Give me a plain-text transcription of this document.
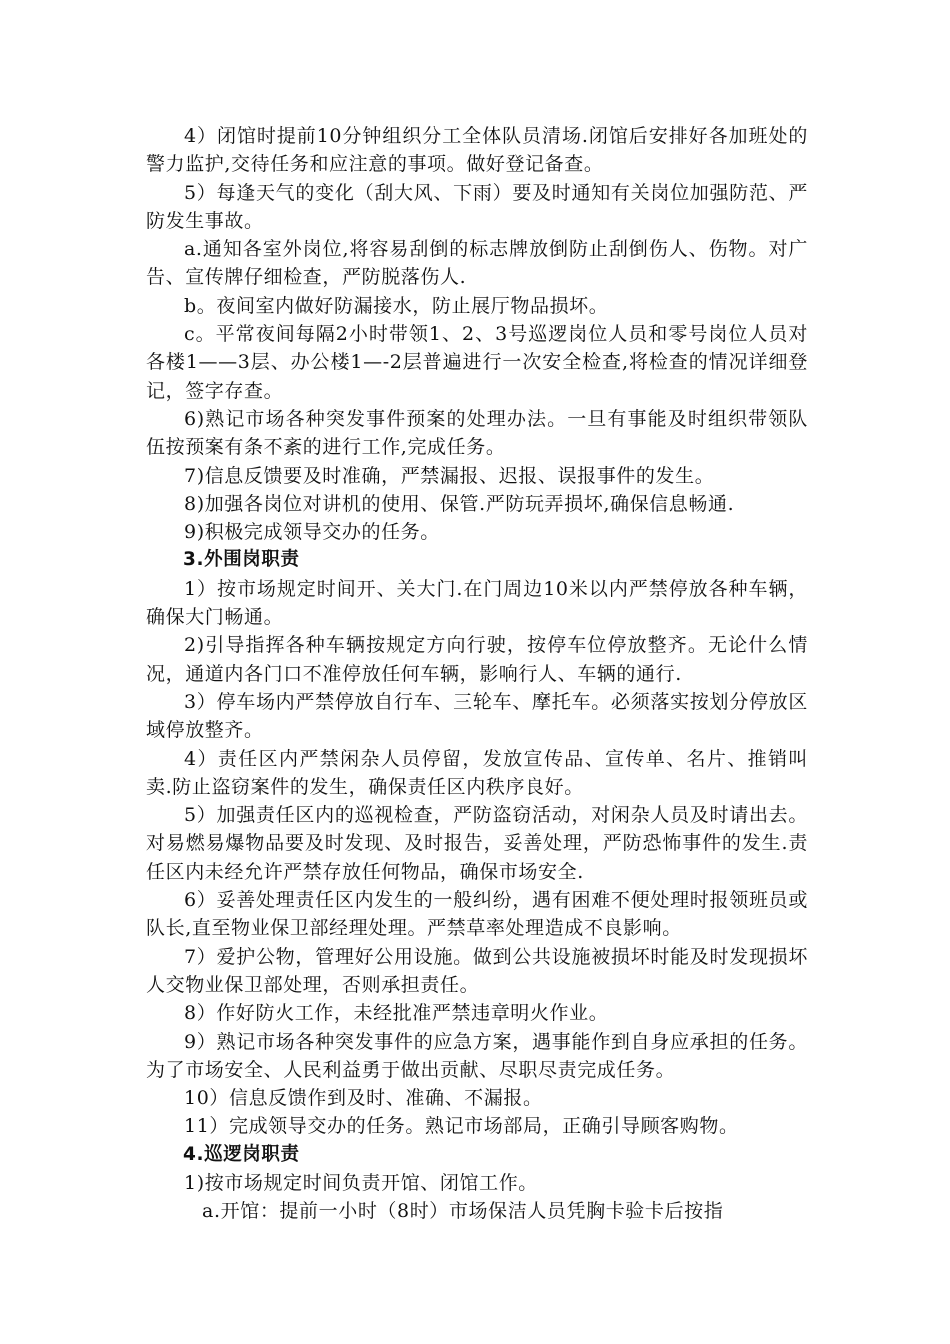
4）闭馆时提前10分钟组织分工全体队员清场.闭馆后安排好各加班处的警力监护,交待任务和应注意的事项。做好登记备查。

5）每逢天气的变化（刮大风、下雨）要及时通知有关岗位加强防范、严防发生事故。

a.通知各室外岗位,将容易刮倒的标志牌放倒防止刮倒伤人、伤物。对广告、宣传牌仔细检查，严防脱落伤人.

b。夜间室内做好防漏接水，防止展厅物品损坏。

c。平常夜间每隔2小时带领1、2、3号巡逻岗位人员和零号岗位人员对各楼1——3层、办公楼1—-2层普遍进行一次安全检查,将检查的情况详细登记，签字存查。

6)熟记市场各种突发事件预案的处理办法。一旦有事能及时组织带领队伍按预案有条不紊的进行工作,完成任务。

7)信息反馈要及时准确，严禁漏报、迟报、误报事件的发生。

8)加强各岗位对讲机的使用、保管.严防玩弄损坏,确保信息畅通.

9)积极完成领导交办的任务。

3.外围岗职责

1）按市场规定时间开、关大门.在门周边10米以内严禁停放各种车辆，确保大门畅通。

2)引导指挥各种车辆按规定方向行驶，按停车位停放整齐。无论什么情况，通道内各门口不准停放任何车辆，影响行人、车辆的通行.

3）停车场内严禁停放自行车、三轮车、摩托车。必须落实按划分停放区域停放整齐。

4）责任区内严禁闲杂人员停留，发放宣传品、宣传单、名片、推销叫卖.防止盗窃案件的发生，确保责任区内秩序良好。

5）加强责任区内的巡视检查，严防盗窃活动，对闲杂人员及时请出去。对易燃易爆物品要及时发现、及时报告，妥善处理，严防恐怖事件的发生.责任区内未经允许严禁存放任何物品，确保市场安全.

6）妥善处理责任区内发生的一般纠纷，遇有困难不便处理时报领班员或队长,直至物业保卫部经理处理。严禁草率处理造成不良影响。

7）爱护公物，管理好公用设施。做到公共设施被损坏时能及时发现损坏人交物业保卫部处理，否则承担责任。

8）作好防火工作，未经批准严禁违章明火作业。

9）熟记市场各种突发事件的应急方案，遇事能作到自身应承担的任务。为了市场安全、人民利益勇于做出贡献、尽职尽责完成任务。

10）信息反馈作到及时、准确、不漏报。

11）完成领导交办的任务。熟记市场部局，正确引导顾客购物。

4.巡逻岗职责

1)按市场规定时间负责开馆、闭馆工作。

a.开馆：提前一小时（8时）市场保洁人员凭胸卡验卡后按指
